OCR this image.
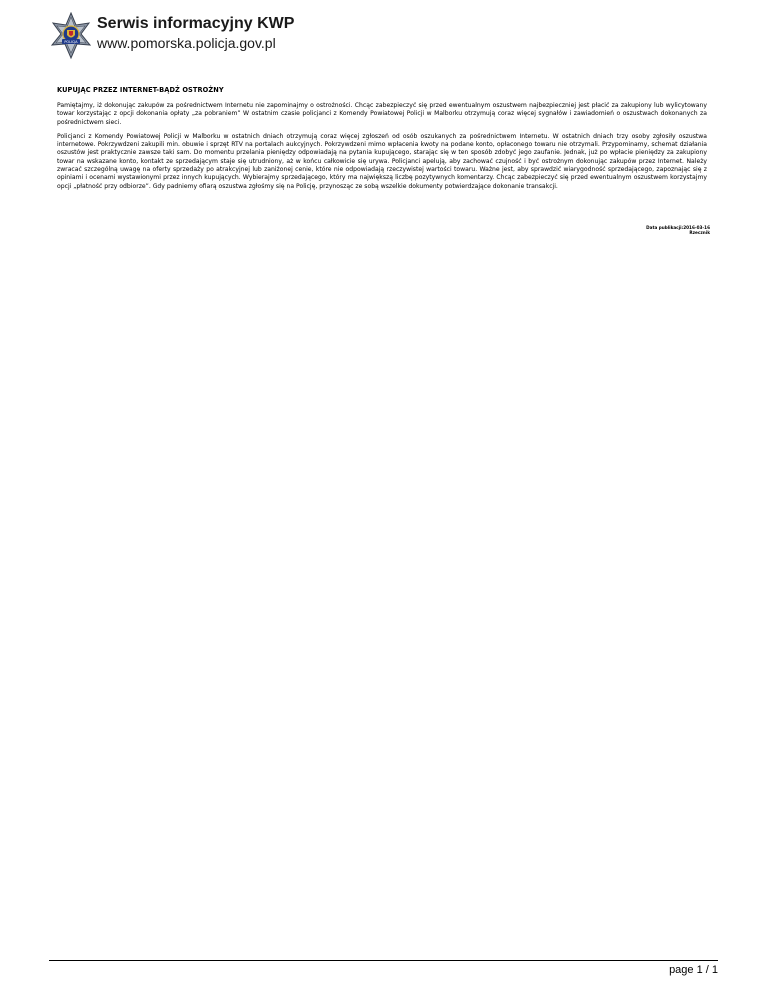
POLICJA
Serwis informacyjny KWP
www.pomorska.policja.gov.pl
KUPUJĄC PRZEZ INTERNET-BĄDŹ OSTROŻNY

Pamiętajmy, iż dokonując zakupów za pośrednictwem Internetu nie zapominajmy o ostrożności. Chcąc zabezpieczyć się przed ewentualnym oszustwem najbezpieczniej jest płacić za zakupiony lub wylicytowany towar korzystając z opcji dokonania opłaty „za pobraniem” W ostatnim czasie policjanci z Komendy Powiatowej Policji w Malborku otrzymują coraz więcej sygnałów i zawiadomień o oszustwach dokonanych za pośrednictwem sieci.

Policjanci z Komendy Powiatowej Policji w Malborku w ostatnich dniach otrzymują coraz więcej zgłoszeń od osób oszukanych za pośrednictwem Internetu. W ostatnich dniach trzy osoby zgłosiły oszustwa internetowe. Pokrzywdzeni zakupili min. obuwie i sprzęt RTV na portalach aukcyjnych. Pokrzywdzeni mimo wpłacenia kwoty na podane konto, opłaconego towaru nie otrzymali. Przypominamy, schemat działania oszustów jest praktycznie zawsze taki sam. Do momentu przelania pieniędzy odpowiadają na pytania kupującego, starając się w ten sposób zdobyć jego zaufanie. Jednak, już po wpłacie pieniędzy za zakupiony towar na wskazane konto, kontakt ze sprzedającym staje się utrudniony, aż w końcu całkowicie się urywa. Policjanci apelują, aby zachować czujność i być ostrożnym dokonując zakupów przez Internet. Należy zwracać szczególną uwagę na oferty sprzedaży po atrakcyjnej lub zaniżonej cenie, które nie odpowiadają rzeczywistej wartości towaru. Ważne jest, aby sprawdzić wiarygodność sprzedającego, zapoznając się z opiniami i ocenami wystawionymi przez innych kupujących. Wybierajmy sprzedającego, który ma największą liczbę pozytywnych komentarzy. Chcąc zabezpieczyć się przed ewentualnym oszustwem korzystajmy opcji „płatność przy odbiorze”. Gdy padniemy ofiarą oszustwa zgłośmy się na Policję, przynosząc ze sobą wszelkie dokumenty potwierdzające dokonanie transakcji.

Data publikacji:2016-03-16
Rzecznik
page 1 / 1
